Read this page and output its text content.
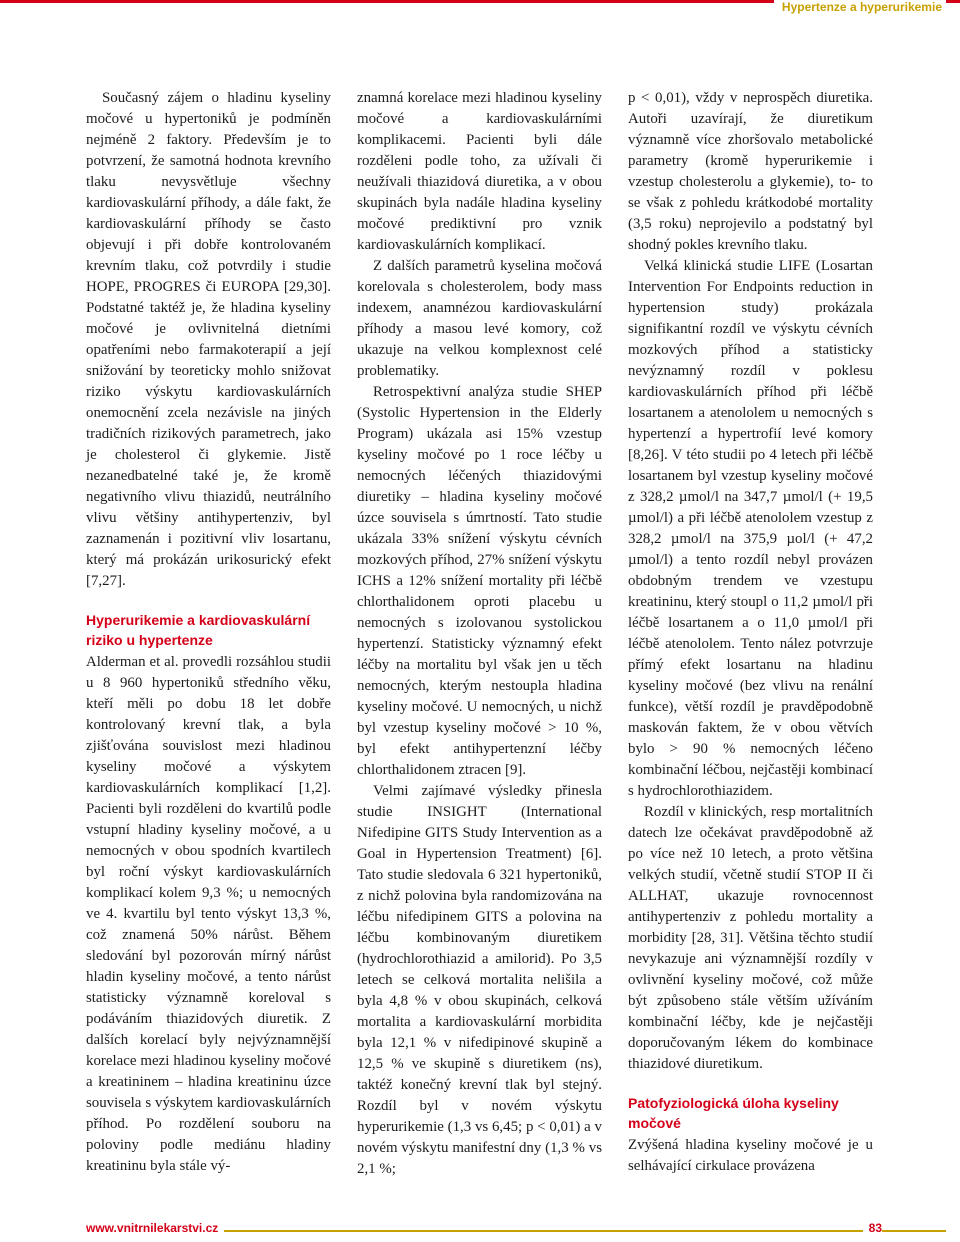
Hypertenze a hyperurikemie

Současný zájem o hladinu kyseliny močové u hypertoniků je podmíněn nejméně 2 faktory. Především je to potvrzení, že samotná hodnota krevního tlaku nevysvětluje všechny kardiovaskulární příhody, a dále fakt, že kardiovaskulární příhody se často objevují i při dobře kontrolovaném krevním tlaku, což potvrdily i studie HOPE, PROGRES či EUROPA [29,30]. Podstatné taktéž je, že hladina kyseliny močové je ovlivnitelná dietními opatřeními nebo farmakoterapií a její snižování by teoreticky mohlo snižovat riziko výskytu kardiovaskulárních onemocnění zcela nezávisle na jiných tradičních rizikových parametrech, jako je cholesterol či glykemie. Jistě nezanedbatelné také je, že kromě negativního vlivu thiazidů, neutrálního vlivu většiny antihypertenziv, byl zaznamenán i pozitivní vliv losartanu, který má prokázán urikosurický efekt [7,27].

Hyperurikemie a kardiovaskulární riziko u hypertenze

Alderman et al. provedli rozsáhlou studii u 8 960 hypertoniků středního věku, kteří měli po dobu 18 let dobře kontrolovaný krevní tlak, a byla zjišťována souvislost mezi hladinou kyseliny močové a výskytem kardiovaskulárních komplikací [1,2]. Pacienti byli rozděleni do kvartilů podle vstupní hladiny kyseliny močové, a u nemocných v obou spodních kvartilech byl roční výskyt kardiovaskulárních komplikací kolem 9,3 %; u nemocných ve 4. kvartilu byl tento výskyt 13,3 %, což znamená 50% nárůst. Během sledování byl pozorován mírný nárůst hladin kyseliny močové, a tento nárůst statisticky významně koreloval s podáváním thiazidových diuretik. Z dalších korelací byly nejvýznamnější korelace mezi hladinou kyseliny močové a kreatininem – hladina kreatininu úzce souvisela s výskytem kardiovaskulárních příhod. Po rozdělení souboru na poloviny podle mediánu hladiny kreatininu byla stále vý-

znamná korelace mezi hladinou kyseliny močové a kardiovaskulárními komplikacemi. Pacienti byli dále rozděleni podle toho, za užívali či neužívali thiazidová diuretika, a v obou skupinách byla nadále hladina kyseliny močové prediktivní pro vznik kardiovaskulárních komplikací.

Z dalších parametrů kyselina močová korelovala s cholesterolem, body mass indexem, anamnézou kardiovaskulární příhody a masou levé komory, což ukazuje na velkou komplexnost celé problematiky.

Retrospektivní analýza studie SHEP (Systolic Hypertension in the Elderly Program) ukázala asi 15% vzestup kyseliny močové po 1 roce léčby u nemocných léčených thiazidovými diuretiky – hladina kyseliny močové úzce souvisela s úmrtností. Tato studie ukázala 33% snížení výskytu cévních mozkových příhod, 27% snížení výskytu ICHS a 12% snížení mortality při léčbě chlorthalidonem oproti placebu u nemocných s izolovanou systolickou hypertenzí. Statisticky významný efekt léčby na mortalitu byl však jen u těch nemocných, kterým nestoupla hladina kyseliny močové. U nemocných, u nichž byl vzestup kyseliny močové > 10 %, byl efekt antihypertenzní léčby chlorthalidonem ztracen [9].

Velmi zajímavé výsledky přinesla studie INSIGHT (International Nifedipine GITS Study Intervention as a Goal in Hypertension Treatment) [6]. Tato studie sledovala 6 321 hypertoniků, z nichž polovina byla randomizována na léčbu nifedipinem GITS a polovina na léčbu kombinovaným diuretikem (hydrochlorothiazid a amilorid). Po 3,5 letech se celková mortalita nelišila a byla 4,8 % v obou skupinách, celková mortalita a kardiovaskulární morbidita byla 12,1 % v nifedipinové skupině a 12,5 % ve skupině s diuretikem (ns), taktéž konečný krevní tlak byl stejný. Rozdíl byl v novém výskytu hyperurikemie (1,3 vs 6,45; p < 0,01) a v novém výskytu manifestní dny (1,3 % vs 2,1 %;

p < 0,01), vždy v neprospěch diuretika. Autoři uzavírají, že diuretikum významně více zhoršovalo metabolické parametry (kromě hyperurikemie i vzestup cholesterolu a glykemie), to- to se však z pohledu krátkodobé mortality (3,5 roku) neprojevilo a podstatný byl shodný pokles krevního tlaku.

Velká klinická studie LIFE (Losartan Intervention For Endpoints reduction in hypertension study) prokázala signifikantní rozdíl ve výskytu cévních mozkových příhod a statisticky nevýznamný rozdíl v poklesu kardiovaskulárních příhod při léčbě losartanem a atenololem u nemocných s hypertenzí a hypertrofií levé komory [8,26]. V této studii po 4 letech při léčbě losartanem byl vzestup kyseliny močové z 328,2 µmol/l na 347,7 µmol/l (+ 19,5 µmol/l) a při léčbě atenololem vzestup z 328,2 µmol/l na 375,9 µol/l (+ 47,2 µmol/l) a tento rozdíl nebyl provázen obdobným trendem ve vzestupu kreatininu, který stoupl o 11,2 µmol/l při léčbě losartanem a o 11,0 µmol/l při léčbě atenololem. Tento nález potvrzuje přímý efekt losartanu na hladinu kyseliny močové (bez vlivu na renální funkce), větší rozdíl je pravděpodobně maskován faktem, že v obou větvích bylo > 90 % nemocných léčeno kombinační léčbou, nejčastěji kombinací s hydrochlorothiazidem.

Rozdíl v klinických, resp mortalitních datech lze očekávat pravděpodobně až po více než 10 letech, a proto většina velkých studií, včetně studií STOP II či ALLHAT, ukazuje rovnocennost antihypertenziv z pohledu mortality a morbidity [28, 31]. Většina těchto studií nevykazuje ani významnější rozdíly v ovlivnění kyseliny močové, což může být způsobeno stále větším užíváním kombinační léčby, kde je nejčastěji doporučovaným lékem do kombinace thiazidové diuretikum.

Patofyziologická úloha kyseliny močové

Zvýšená hladina kyseliny močové je u selhávající cirkulace provázena

www.vnitrnilekarstvi.cz	83
